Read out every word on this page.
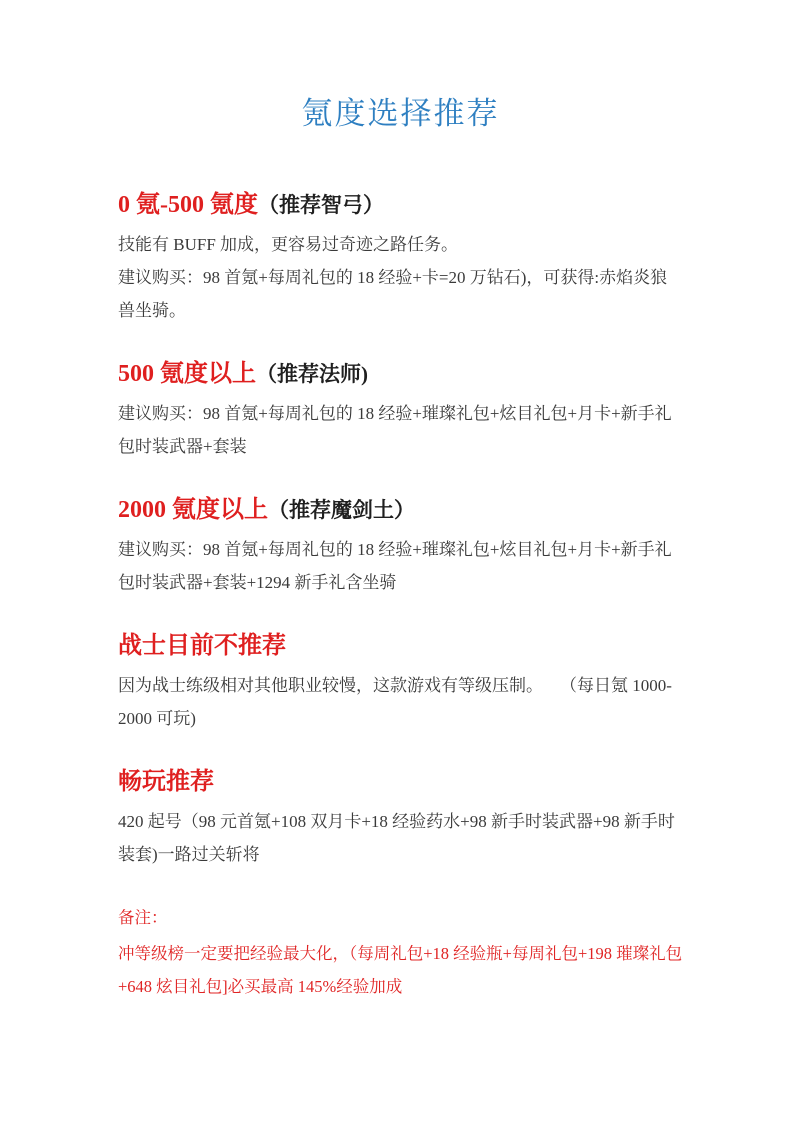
氪度选择推荐
0 氪-500 氪度（推荐智弓）

技能有 BUFF 加成，更容易过奇迹之路任务。

建议购买：98 首氪+每周礼包的 18 经验+卡=20 万钻石)，可获得:赤焰炎狼兽坐骑。

500 氪度以上（推荐法师)

建议购买：98 首氪+每周礼包的 18 经验+璀璨礼包+炫目礼包+月卡+新手礼包时装武器+套装

2000 氪度以上（推荐魔剑土）

建议购买：98 首氪+每周礼包的 18 经验+璀璨礼包+炫目礼包+月卡+新手礼包时装武器+套装+1294 新手礼含坐骑

战士目前不推荐

因为战士练级相对其他职业较慢，这款游戏有等级压制。　　（每日氪 1000-2000 可玩)

畅玩推荐

420 起号（98 元首氪+108 双月卡+18 经验药水+98 新手时装武器+98 新手时装套)一路过关斩将

备注：

冲等级榜一定要把经验最大化，（每周礼包+18 经验瓶+每周礼包+198 璀璨礼包+648 炫目礼包]必买最高 145%经验加成
